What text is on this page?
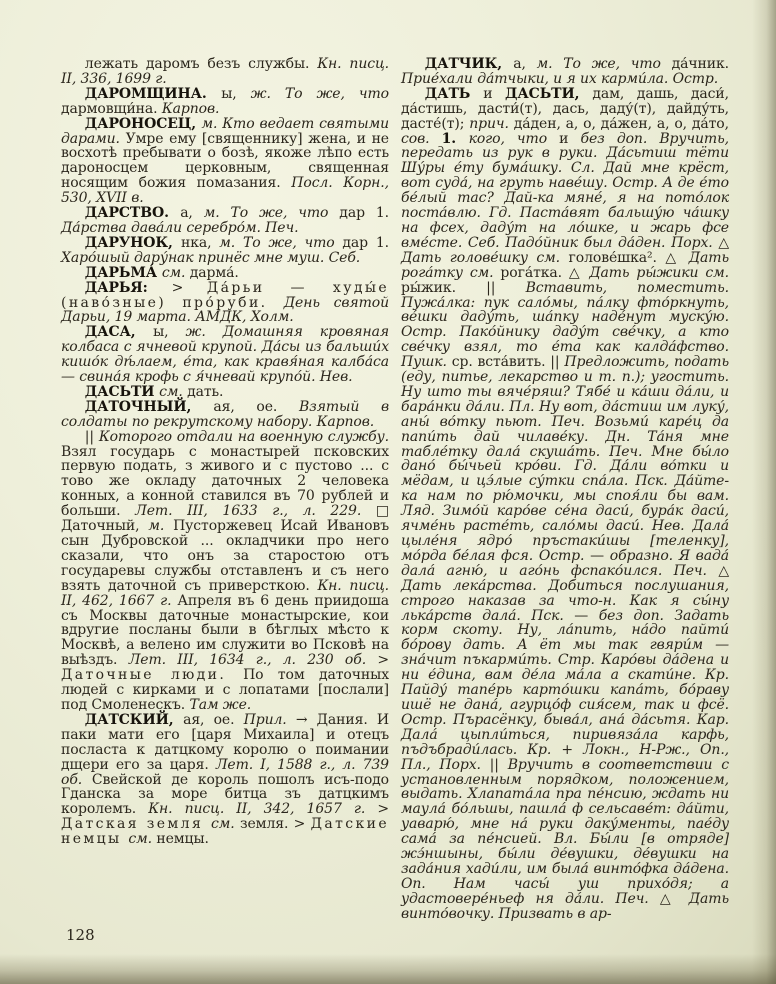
лежать даромъ безъ службы. Кн. писц. II, 336, 1699 г.

ДАРОМЩИНА. ы, ж. То же, что дармовщи́на. Карпов.

ДАРОНОСЕЦ, м. Кто ведает святыми дарами. Умре ему [священнику] жена, и не восхотѣ пребывати о бозѣ, якоже лѣпо есть дароносцем церковным, священная носящим божия помазания. Посл. Корн., 530, XVII в.

ДАРСТВО. а, м. То же, что дар 1. Да́рства дава́ли серебро́м. Печ.

ДАРУНОК, нка, м. То же, что дар 1. Харо́шый дару́нак принёс мне муш. Себ.

ДАРЬМА́ см. дарма́.

ДАРЬЯ: > Да́рьи — худы́е (наво́зные) про́руби. День святой Дарьи, 19 марта. АМДК, Холм.

ДАСА, ы, ж. Домашняя кровяная колбаса с ячневой крупой. Да́сы из бальши́х кишо́к дѣ́лаем, е́та, как кравя́ная калба́са — свина́я крофь с я́чневай крупо́й. Нев.

ДАСЬТИ см. дать.

ДАТОЧНЫЙ, ая, ое. Взятый в солдаты по рекрутскому набору. Карпов.

|| Которого отдали на военную службу. Взял государь с монастырей псковских первую подать, з живого и с пустово ... с тово же окладу даточных 2 человека конных, а конной ставился въ 70 рублей и больши. Лет. III, 1633 г., л. 229. □ Даточный, м. Пусторжевец Исай Ивановъ сын Дубровской ... окладчики про него сказали, что онъ за старостою отъ государевы службы отставленъ и съ него взять даточной съ приверсткою. Кн. писц. II, 462, 1667 г. Апреля въ 6 день приидоша съ Москвы даточные монастырские, кои вдругие посланы были в бѣглых мѣсто к Москвѣ, а велено им служити во Псковѣ на выѣздъ. Лет. III, 1634 г., л. 230 об. > Даточные люди. По том даточных людей с кирками и с лопатами [послали] под Смоленескъ. Там же.

ДАТСКИЙ, ая, ое. Прил. → Дания. И паки мати его [царя Михаила] и отецъ посласта к датцкому королю о поимании дщери его за царя. Лет. I, 1588 г., л. 739 об. Свейской де король пошолъ исъ-подо Гданска за море битца зъ датцкимъ королемъ. Кн. писц. II, 342, 1657 г. > Датская земля см. земля. > Датские немцы см. немцы.

ДАТЧИК, а, м. То же, что да́чник. Прие́хали да́тчыки, и я их карми́ла. Остр.

ДАТЬ и ДАСЬТИ, дам, дашь, даси́, да́стишь, дасти́(т), дась, даду́(т), дайду́ть, дасте́(т); прич. да́ден, а, о, да́жен, а, о, да́то, сов. 1. кого, что и без доп. Вручить, передать из рук в руки. Да́сьтиш тёти Шу́ры е́ту бума́шку. Сл. Дай мне крёст, вот суда́, на груть наве́шу. Остр. А де е́то бе́лый тас? Дай-ка мяне́, я на пото́лок поста́влю. Гд. Паста́вят бальшу́ю ча́шку на фсех, даду́т на ло́шке, и жарь фсе вме́сте. Себ. Падо́йник был да́ден. Порх. △ Дать голове́шку см. голове́шка². △ Дать рога́тку см. рога́тка. △ Дать ры́жики см. ры́жик. || Вставить, поместить. Пужа́лка: пук сало́мы, па́лку фто́ркнуть, ве́шки даду́ть, ша́пку наде́нут муску́ю. Остр. Пако́йнику даду́т све́чку, а кто све́чку взял, то е́та как калда́фство. Пушк. ср. вста́вить. || Предложить, подать (еду, питье, лекарство и т. п.); угостить. Ну што ты вяче́ряш? Тябе́ и ка́ши да́ли, и бара́нки да́ли. Пл. Ну вот, да́стиш им луку́, аны́ во́тку пьют. Печ. Возьми́ каре́ц да папи́ть дай чилаве́ку. Дн. Та́ня мне табле́тку дала́ скуша́ть. Печ. Мне бы́ло дано́ бы́чьей кро́ви. Гд. Да́ли во́тки и мёдам, и цэ́лые су́тки спа́ла. Пск. Да́йте-ка нам по рю́мочки, мы споя́ли бы вам. Ляд. Зимо́й каро́ве се́на даси́, бура́к даси́, ячме́нь расте́ть, сало́мы даси́. Нев. Дала́ цыле́ня ядро́ пръстаки́шы [теленку], мо́рда бе́лая фся. Остр. — образно. Я вада́ дала́ агню́, и аго́нь фспако́ился. Печ. △ Дать лека́рства. Добиться послушания, строго наказав за что-н. Как я сы́ну лька́рств дала́. Пск. — без доп. Задать корм скоту. Ну, ла́пить, на́до пайти́ бо́рову дать. А ёт мы так гвяри́м — зна́чит пъкарми́ть. Стр. Каро́вы да́дена и ни е́дина, вам де́ла ма́ла а скати́не. Кр. Пайду́ тапе́рь карто́шки капа́ть, бо́раву ишё не дана́, агурцо́ф сия́сем, так и фсё. Остр. Пърасёнку, быва́л, ана́ да́сьтя. Кар. Дала́ цыпли́ться, пиривяза́ла карфь, пъдъбради́лась. Кр. + Локн., Н-Рж., Оп., Пл., Порх. || Вручить в соответствии с установленным порядком, положением, выдать. Хлапата́ла пра пе́нсию, ждать ни маула́ бо́льшы, пашла́ ф сельсаве́т: да́йти, уаварю́, мне на́ руки даку́менты, пае́ду сама́ за пе́нсией. Вл. Бы́ли [в отряде] жэ́ншыны, бы́ли де́вушки, де́вушки на зада́ния хади́ли, им была́ винто́фка да́дена. Оп. Нам часы́ уш прихо́дя; а удастовере́ньеф ня да́ли. Печ. △ Дать винто́вочку. Призвать в ар-

128
